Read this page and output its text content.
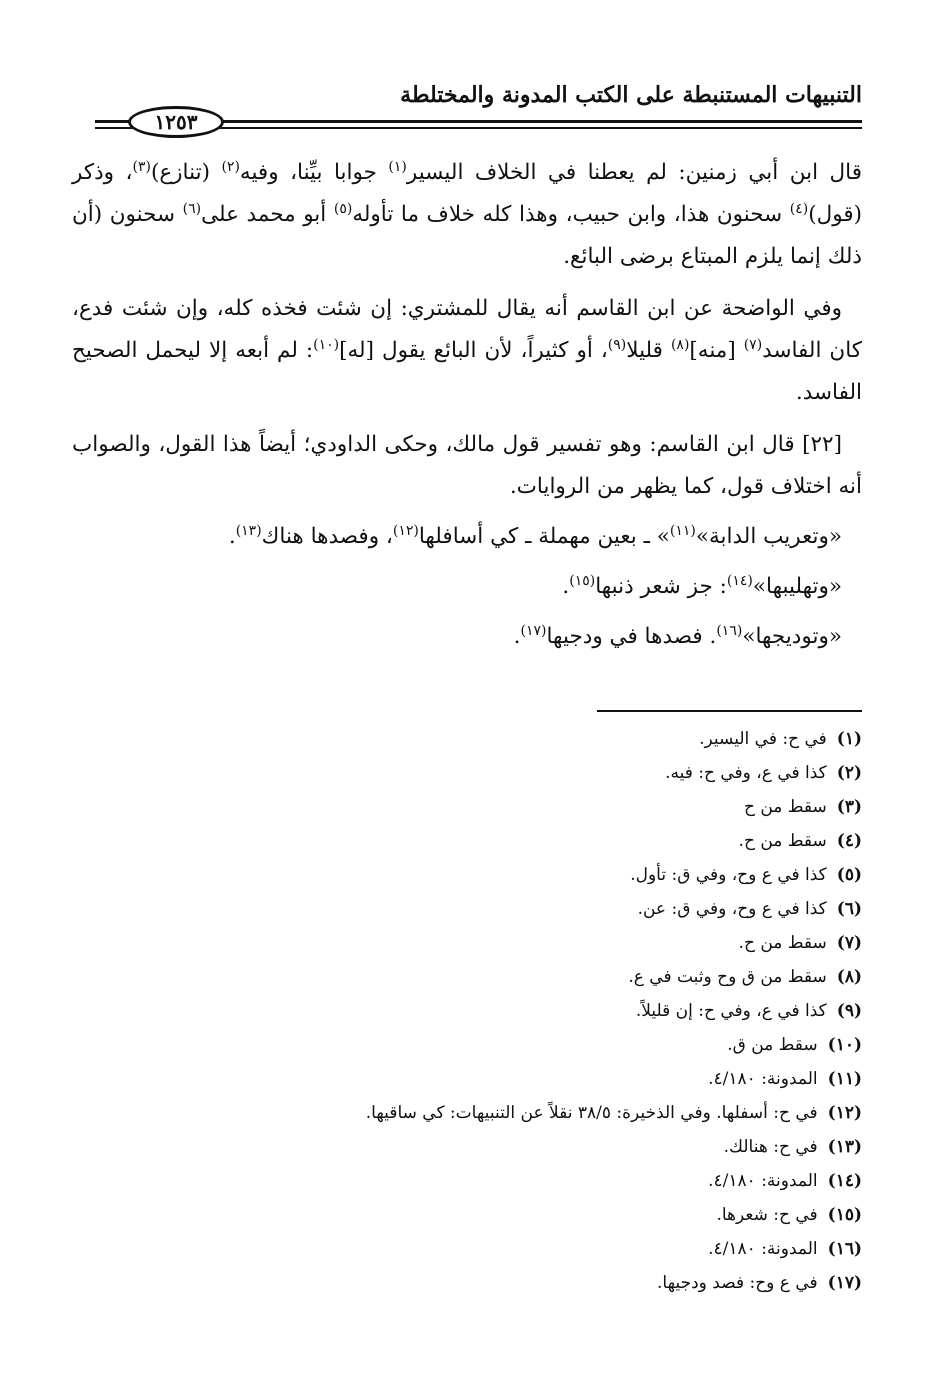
التنبيهات المستنبطة على الكتب المدونة والمختلطة
١٢٥٣

قال ابن أبي زمنين: لم يعطنا في الخلاف اليسير$^{(١)}$ جوابا بيِّنا، وفيه$^{(٢)}$ (تنازع)$^{(٣)}$، وذكر (قول)$^{(٤)}$ سحنون هذا، وابن حبيب، وهذا كله خلاف ما تأوله$^{(٥)}$ أبو محمد على$^{(٦)}$ سحنون (أن ذلك إنما يلزم المبتاع برضى البائع.

وفي الواضحة عن ابن القاسم أنه يقال للمشتري: إن شئت فخذه كله، وإن شئت فدع، كان الفاسد$^{(٧)}$ [منه]$^{(٨)}$ قليلا$^{(٩)}$، أو كثيراً، لأن البائع يقول [له]$^{(١٠)}$: لم أبعه إلا ليحمل الصحيح الفاسد.

[٢٢] قال ابن القاسم: وهو تفسير قول مالك، وحكى الداودي؛ أيضاً هذا القول، والصواب أنه اختلاف قول، كما يظهر من الروايات.

«وتعريب الدابة»$^{(١١)}$» ـ بعين مهملة ـ كي أسافلها$^{(١٢)}$، وفصدها هناك$^{(١٣)}$.

«وتهليبها»$^{(١٤)}$: جز شعر ذنبها$^{(١٥)}$.

«وتوديجها»$^{(١٦)}$. فصدها في ودجيها$^{(١٧)}$.

(١)في ح: في اليسير.
(٢)كذا في ع، وفي ح: فيه.
(٣)سقط من ح
(٤)سقط من ح.
(٥)كذا في ع وح، وفي ق: تأول.
(٦)كذا في ع وح، وفي ق: عن.
(٧)سقط من ح.
(٨)سقط من ق وح وثبت في ع.
(٩)كذا في ع، وفي ح: إن قليلاً.
(١٠)سقط من ق.
(١١)المدونة: ٤/١٨٠.
(١٢)في ح: أسفلها. وفي الذخيرة: ٣٨/٥ نقلاً عن التنبيهات: كي ساقيها.
(١٣)في ح: هنالك.
(١٤)المدونة: ٤/١٨٠.
(١٥)في ح: شعرها.
(١٦)المدونة: ٤/١٨٠.
(١٧)في ع وح: فصد ودجيها.
